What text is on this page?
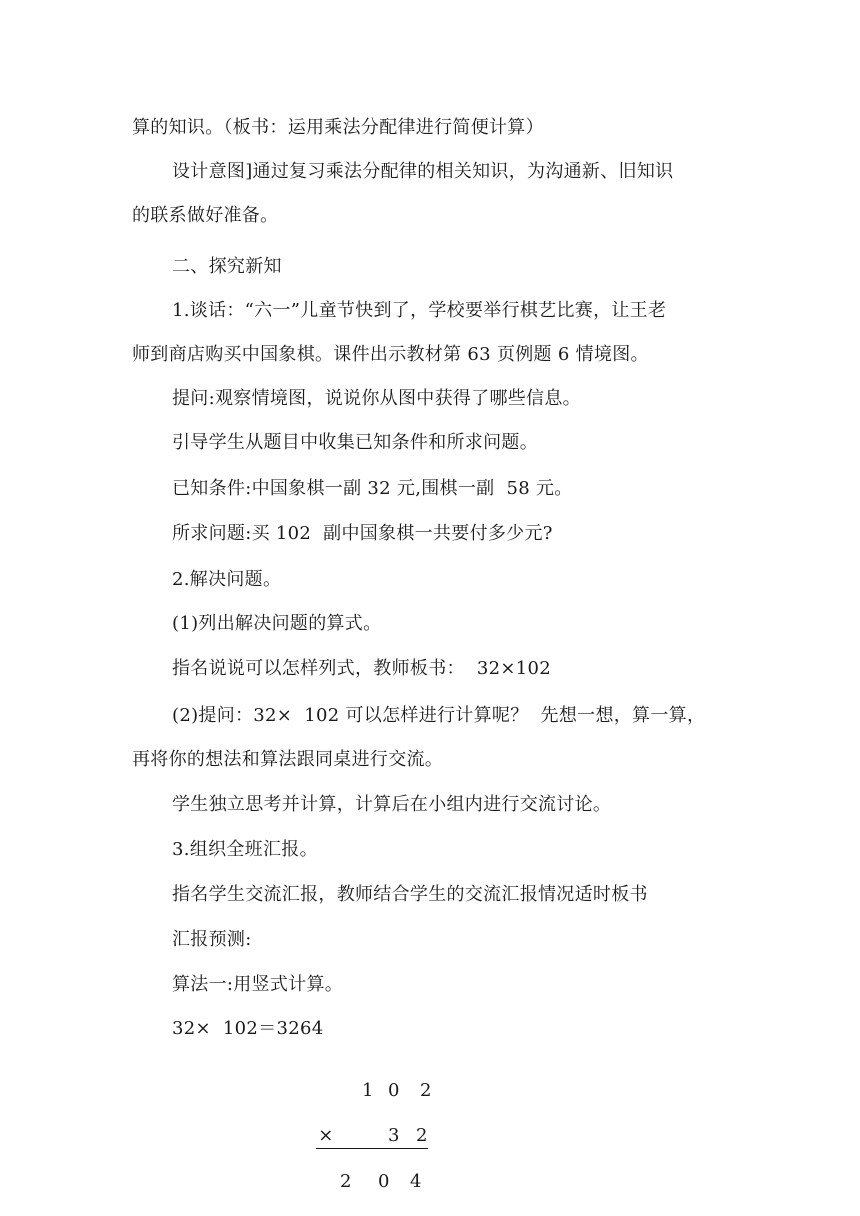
算的知识。（板书：运用乘法分配律进行简便计算）
设计意图]通过复习乘法分配律的相关知识，为沟通新、旧知识
的联系做好准备。
二、探究新知
1.谈话：“六一”儿童节快到了，学校要举行棋艺比赛，让王老
师到商店购买中国象棋。课件出示教材第 63 页例题 6 情境图。
提问:观察情境图，说说你从图中获得了哪些信息。
引导学生从题目中收集已知条件和所求问题。
已知条件:中国象棋一副 32 元,围棋一副  58 元。
所求问题:买 102  副中国象棋一共要付多少元?
2.解决问题。
(1)列出解决问题的算式。
指名说说可以怎样列式，教师板书：  32×102
(2)提问：32×  102 可以怎样进行计算呢？  先想一想，算一算，
再将你的想法和算法跟同桌进行交流。
学生独立思考并计算，计算后在小组内进行交流讨论。
3.组织全班汇报。
指名学生交流汇报，教师结合学生的交流汇报情况适时板书
汇报预测:
算法一:用竖式计算。
32×  102＝3264

1

0

2

×

	3

2

2

0

4
